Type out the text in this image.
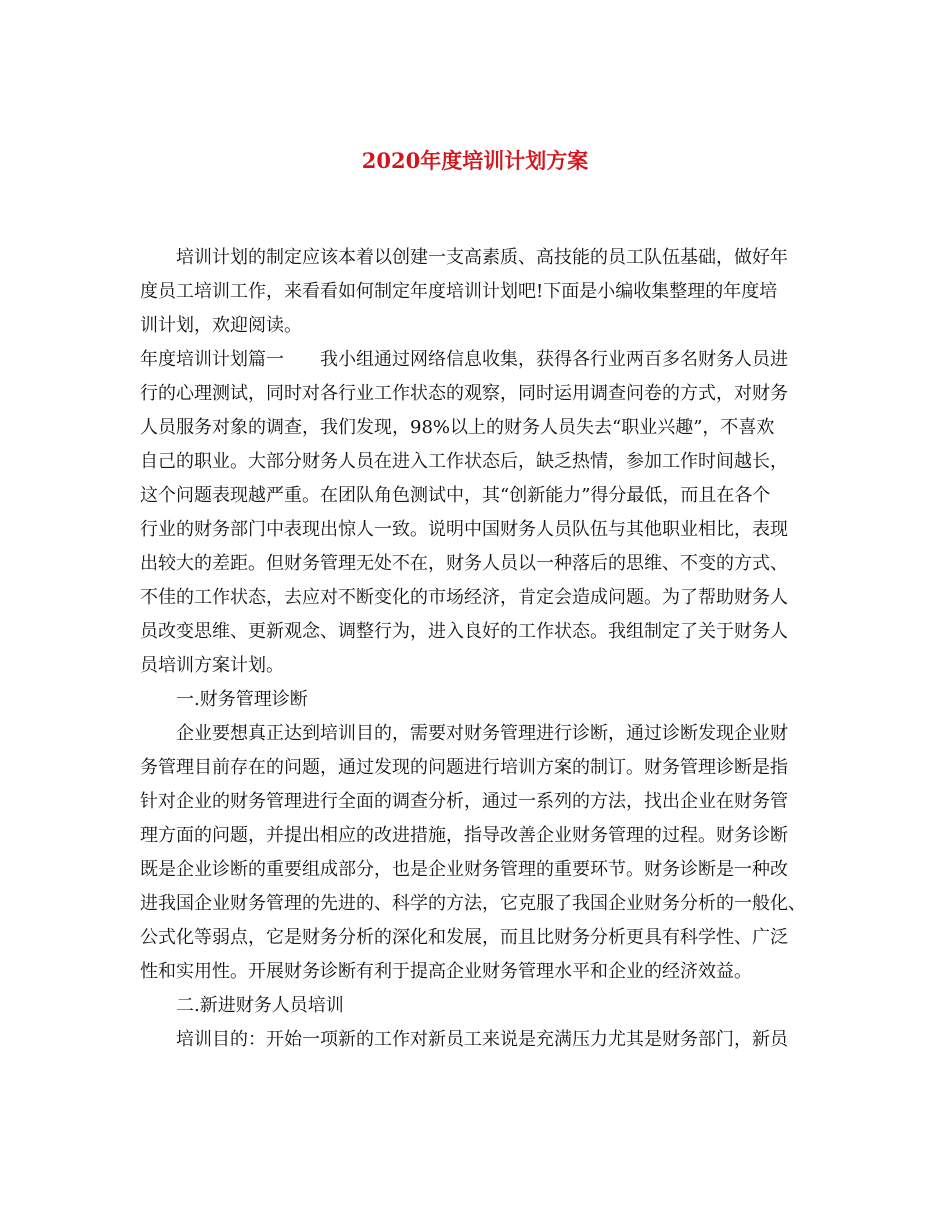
2020年度培训计划方案

培训计划的制定应该本着以创建一支高素质、高技能的员工队伍基础，做好年

度员工培训工作，来看看如何制定年度培训计划吧!下面是小编收集整理的年度培

训计划，欢迎阅读。

年度培训计划篇一　　我小组通过网络信息收集，获得各行业两百多名财务人员进

行的心理测试，同时对各行业工作状态的观察，同时运用调查问卷的方式，对财务

人员服务对象的调查，我们发现，98%以上的财务人员失去“职业兴趣”，不喜欢

自己的职业。大部分财务人员在进入工作状态后，缺乏热情，参加工作时间越长，

这个问题表现越严重。在团队角色测试中，其“创新能力”得分最低，而且在各个

行业的财务部门中表现出惊人一致。说明中国财务人员队伍与其他职业相比，表现

出较大的差距。但财务管理无处不在，财务人员以一种落后的思维、不变的方式、

不佳的工作状态，去应对不断变化的市场经济，肯定会造成问题。为了帮助财务人

员改变思维、更新观念、调整行为，进入良好的工作状态。我组制定了关于财务人

员培训方案计划。

一.财务管理诊断

企业要想真正达到培训目的，需要对财务管理进行诊断，通过诊断发现企业财

务管理目前存在的问题，通过发现的问题进行培训方案的制订。财务管理诊断是指

针对企业的财务管理进行全面的调查分析，通过一系列的方法，找出企业在财务管

理方面的问题，并提出相应的改进措施，指导改善企业财务管理的过程。财务诊断

既是企业诊断的重要组成部分，也是企业财务管理的重要环节。财务诊断是一种改

进我国企业财务管理的先进的、科学的方法，它克服了我国企业财务分析的一般化、

公式化等弱点，它是财务分析的深化和发展，而且比财务分析更具有科学性、广泛

性和实用性。开展财务诊断有利于提高企业财务管理水平和企业的经济效益。

二.新进财务人员培训

培训目的：开始一项新的工作对新员工来说是充满压力尤其是财务部门，新员
